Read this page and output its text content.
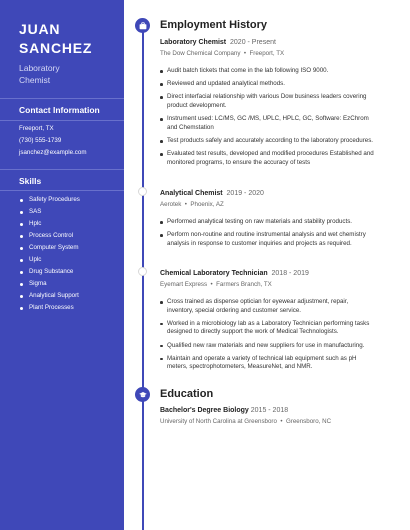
JUAN
SANCHEZ
Laboratory
Chemist
Contact Information
Freeport, TX
(730) 555-1739
jsanchez@example.com
Skills
Safety Procedures
SAS
Hplc
Process Control
Computer System
Uplc
Drug Substance
Sigma
Analytical Support
Plant Processes
Employment History
Laboratory Chemist 2020 - Present
The Dow Chemical Company  •  Freeport, TX
Audit batch tickets that come in the lab following ISO 9000.
Reviewed and updated analytical methods.
Direct interfacial relationship with various Dow business leaders covering product development.
Instrument used: LC/MS, GC /MS, UPLC, HPLC, GC, Software: EzChrom and Chemstation
Test products safely and accurately according to the laboratory procedures.
Evaluated test results, developed and modified procedures Established and monitored programs, to ensure the accuracy of tests
Analytical Chemist 2019 - 2020
Aerotek  •  Phoenix, AZ
Performed analytical testing on raw materials and stability products.
Perform non-routine and routine instrumental analysis and wet chemistry analysis in response to customer inquiries and projects as required.
Chemical Laboratory Technician 2018 - 2019
Eyemart Express  •  Farmers Branch, TX
Cross trained as dispense optician for eyewear adjustment, repair, inventory, special ordering and customer service.
Worked in a microbiology lab as a Laboratory Technician performing tasks designed to directly support the work of Medical Technologists.
Qualified new raw materials and new suppliers for use in manufacturing.
Maintain and operate a variety of technical lab equipment such as pH meters, spectrophotometers, MeasureNet, and NMR.
Education
Bachelor's Degree Biology 2015 - 2018
University of North Carolina at Greensboro  •  Greensboro, NC
